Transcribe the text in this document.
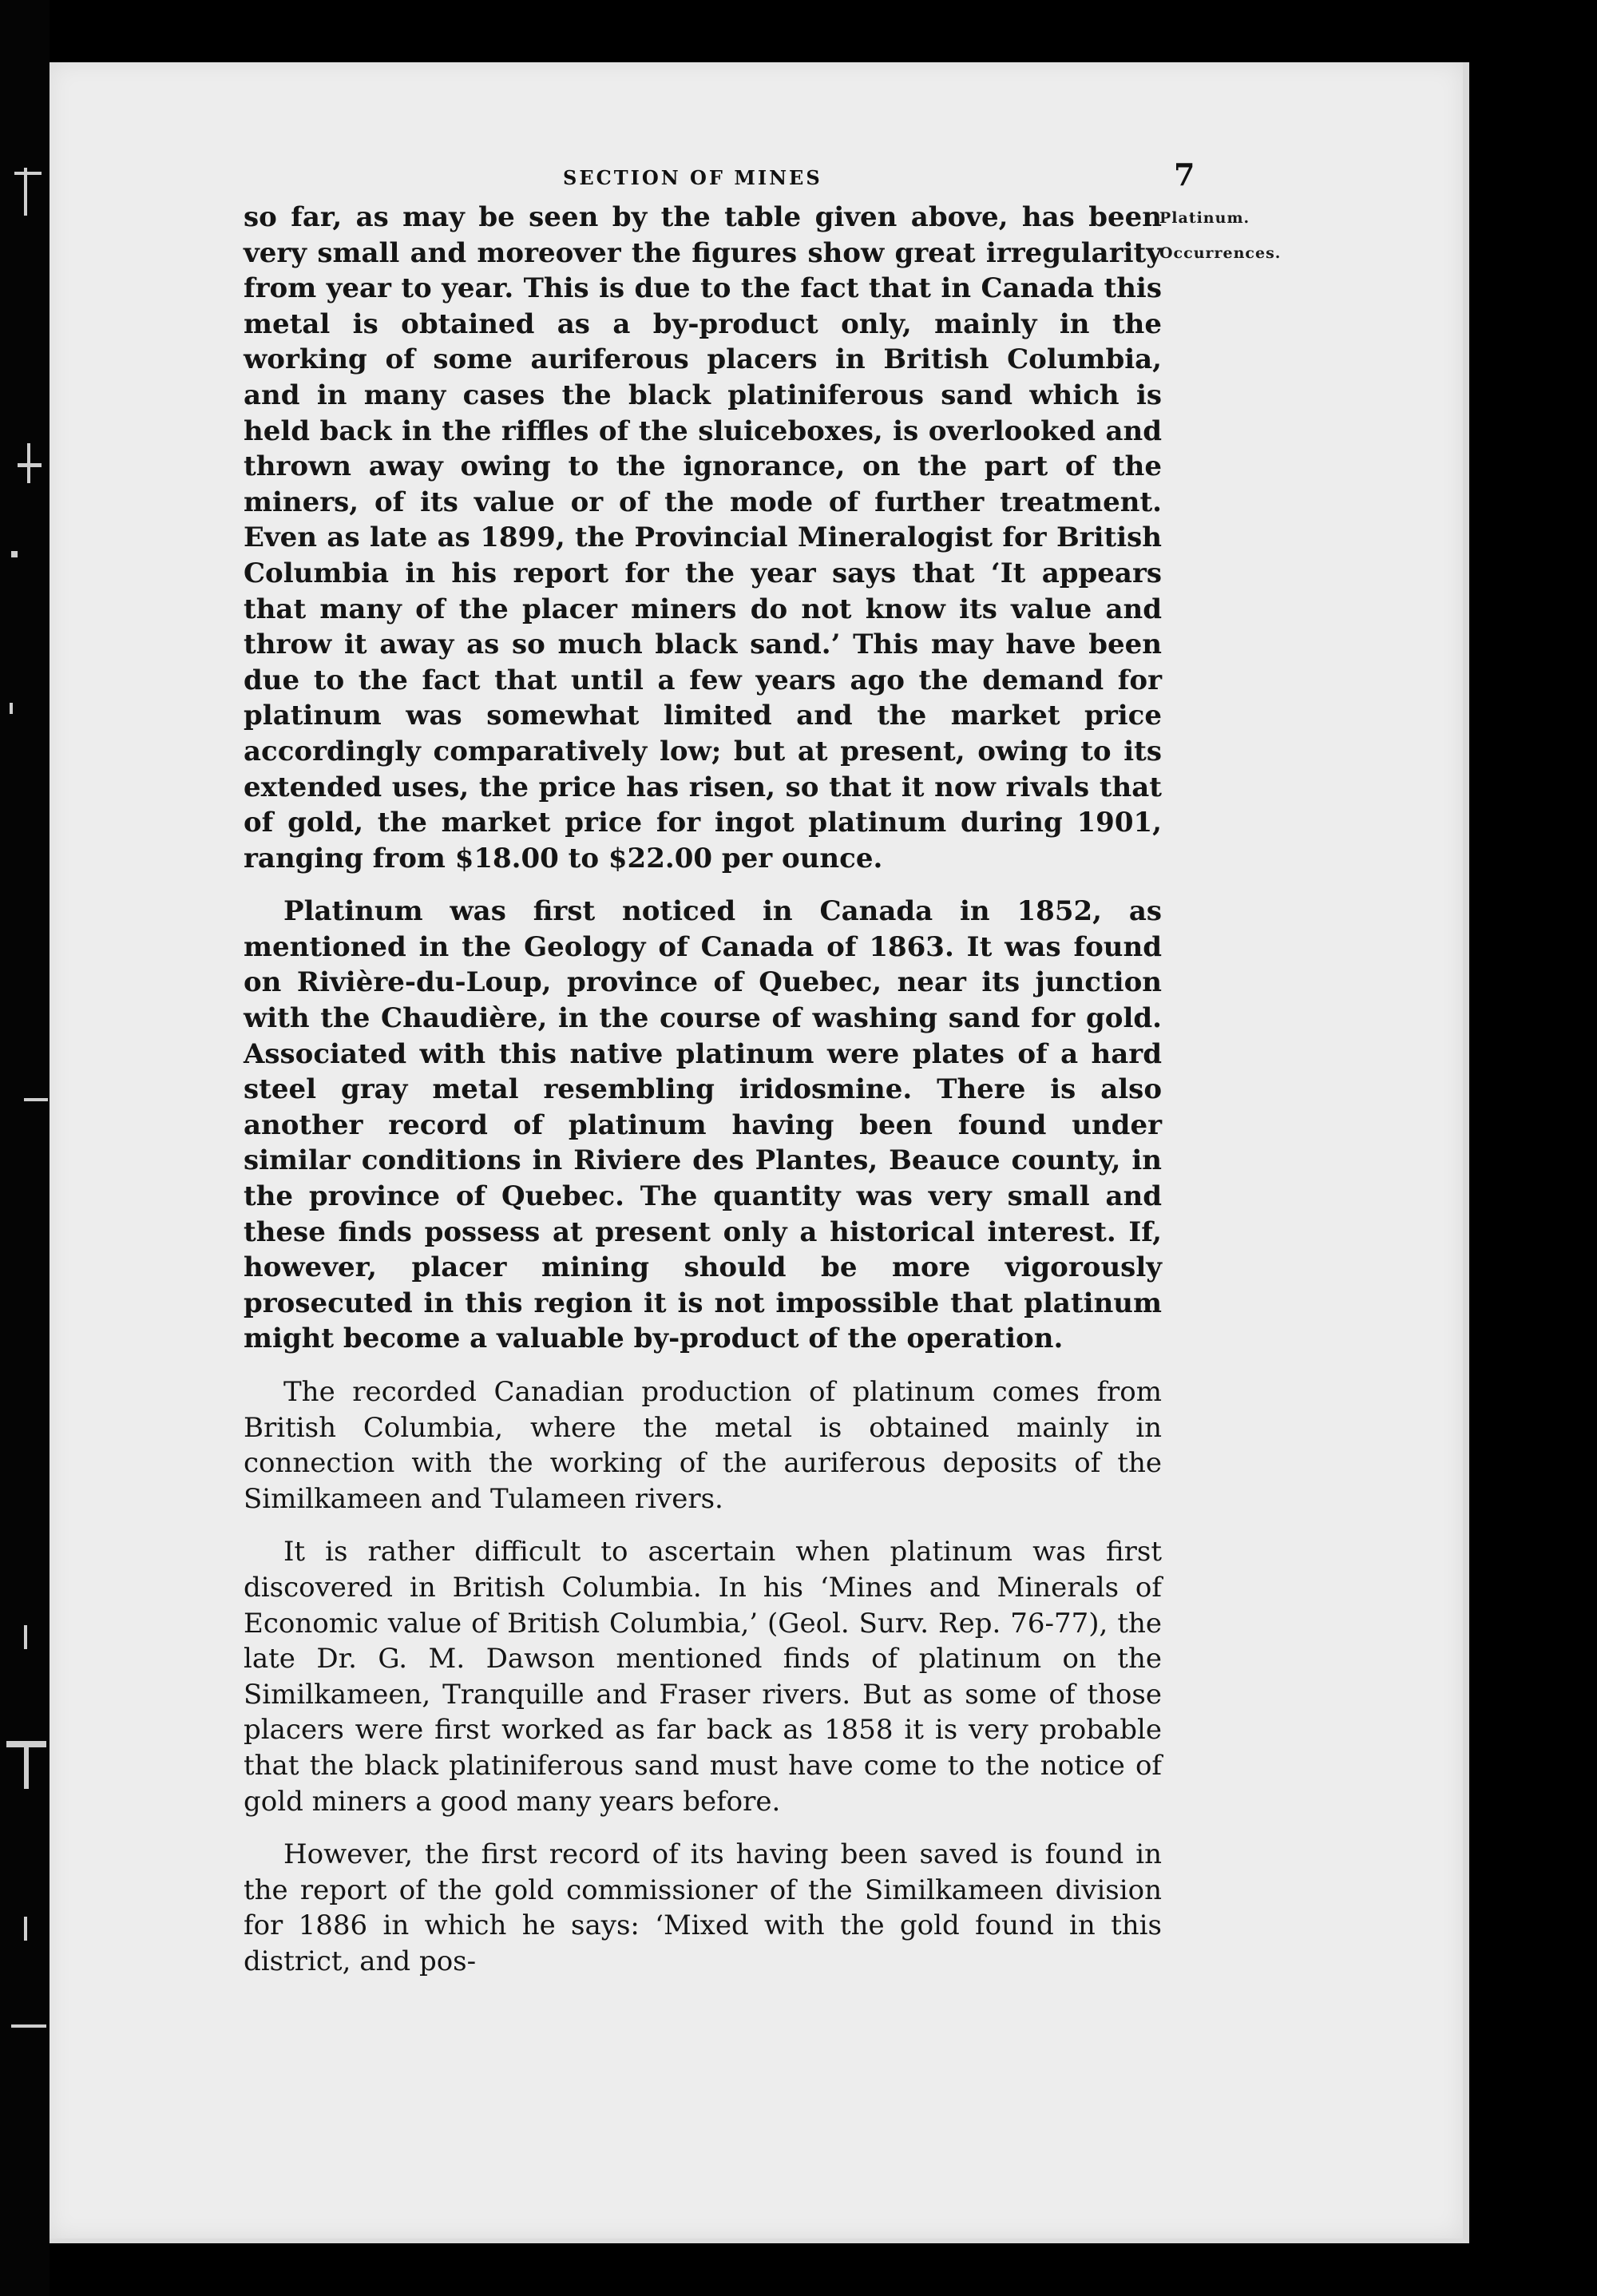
SECTION OF MINES	7
Platinum.
Occurrences.

so far, as may be seen by the table given above, has been very small and moreover the figures show great irregularity from year to year. This is due to the fact that in Canada this metal is obtained as a by-product only, mainly in the working of some auriferous placers in British Columbia, and in many cases the black platiniferous sand which is held back in the riffles of the sluiceboxes, is overlooked and thrown away owing to the ignorance, on the part of the miners, of its value or of the mode of further treatment. Even as late as 1899, the Provincial Mineralogist for British Columbia in his report for the year says that ‘It appears that many of the placer miners do not know its value and throw it away as so much black sand.’ This may have been due to the fact that until a few years ago the demand for platinum was somewhat limited and the market price accordingly comparatively low; but at present, owing to its extended uses, the price has risen, so that it now rivals that of gold, the market price for ingot platinum during 1901, ranging from $18.00 to $22.00 per ounce.

Platinum was first noticed in Canada in 1852, as mentioned in the Geology of Canada of 1863. It was found on Rivière-du-Loup, province of Quebec, near its junction with the Chaudière, in the course of washing sand for gold. Associated with this native platinum were plates of a hard steel gray metal resembling iridosmine. There is also another record of platinum having been found under similar conditions in Riviere des Plantes, Beauce county, in the province of Quebec. The quantity was very small and these finds possess at present only a historical interest. If, however, placer mining should be more vigorously prosecuted in this region it is not impossible that platinum might become a valuable by-product of the operation.

The recorded Canadian production of platinum comes from British Columbia, where the metal is obtained mainly in connection with the working of the auriferous deposits of the Similkameen and Tulameen rivers.

It is rather difficult to ascertain when platinum was first discovered in British Columbia. In his ‘Mines and Minerals of Economic value of British Columbia,’ (Geol. Surv. Rep. 76-77), the late Dr. G. M. Dawson mentioned finds of platinum on the Similkameen, Tranquille and Fraser rivers. But as some of those placers were first worked as far back as 1858 it is very probable that the black platiniferous sand must have come to the notice of gold miners a good many years before.

However, the first record of its having been saved is found in the report of the gold commissioner of the Similkameen division for 1886 in which he says: ‘Mixed with the gold found in this district, and pos-
